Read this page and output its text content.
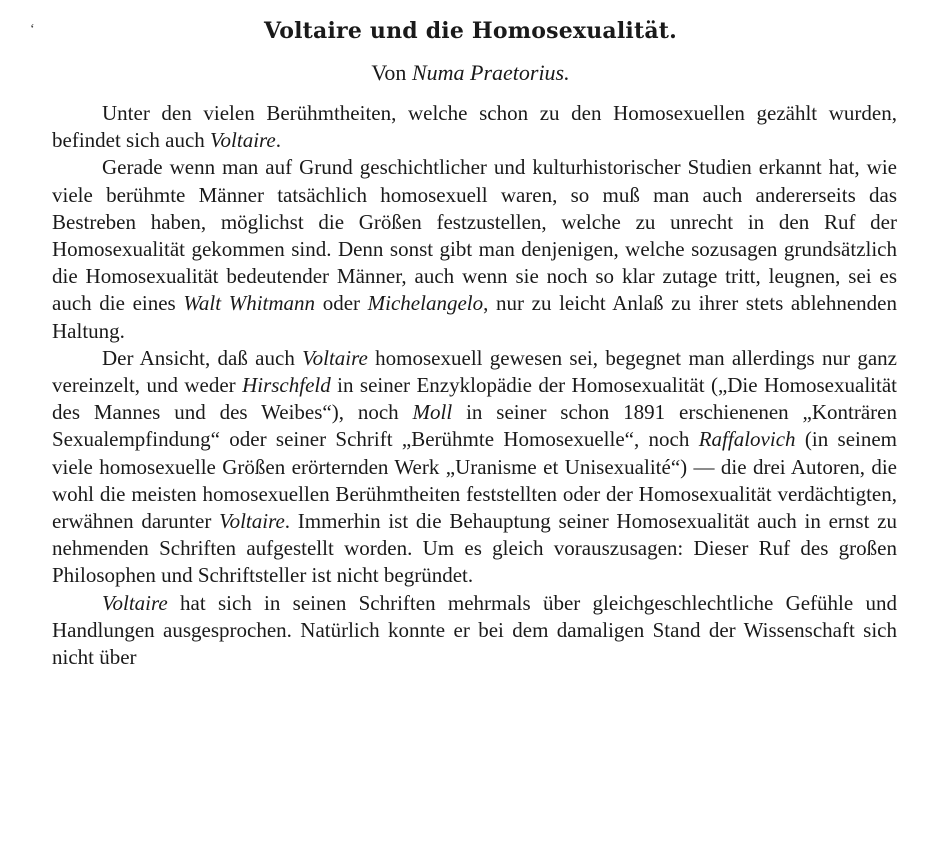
‘	Voltaire und die Homosexualität.
Von Numa Praetorius.

Unter den vielen Berühmtheiten, welche schon zu den Homosexuellen gezählt wurden, befindet sich auch Voltaire.

Gerade wenn man auf Grund geschichtlicher und kulturhistorischer Studien erkannt hat, wie viele berühmte Männer tatsächlich homosexuell waren, so muß man auch andererseits das Bestreben haben, möglichst die Größen festzustellen, welche zu unrecht in den Ruf der Homosexualität gekommen sind. Denn sonst gibt man denjenigen, welche sozusagen grundsätzlich die Homosexualität bedeutender Männer, auch wenn sie noch so klar zutage tritt, leugnen, sei es auch die eines Walt Whitmann oder Michelangelo, nur zu leicht Anlaß zu ihrer stets ablehnenden Haltung.

Der Ansicht, daß auch Voltaire homosexuell gewesen sei, begegnet man allerdings nur ganz vereinzelt, und weder Hirschfeld in seiner Enzyklopädie der Homosexualität („Die Homosexualität des Mannes und des Weibes“), noch Moll in seiner schon 1891 erschienenen „Konträren Sexualempfindung“ oder seiner Schrift „Berühmte Homosexuelle“, noch Raffalovich (in seinem viele homosexuelle Größen erörternden Werk „Uranisme et Unisexualité“) — die drei Autoren, die wohl die meisten homosexuellen Berühmtheiten feststellten oder der Homosexualität verdächtigten, erwähnen darunter Voltaire. Immerhin ist die Behauptung seiner Homosexualität auch in ernst zu nehmenden Schriften aufgestellt worden. Um es gleich vorauszusagen: Dieser Ruf des großen Philosophen und Schriftsteller ist nicht begründet.

Voltaire hat sich in seinen Schriften mehrmals über gleichgeschlechtliche Gefühle und Handlungen ausgesprochen. Natürlich konnte er bei dem damaligen Stand der Wissenschaft sich nicht über
